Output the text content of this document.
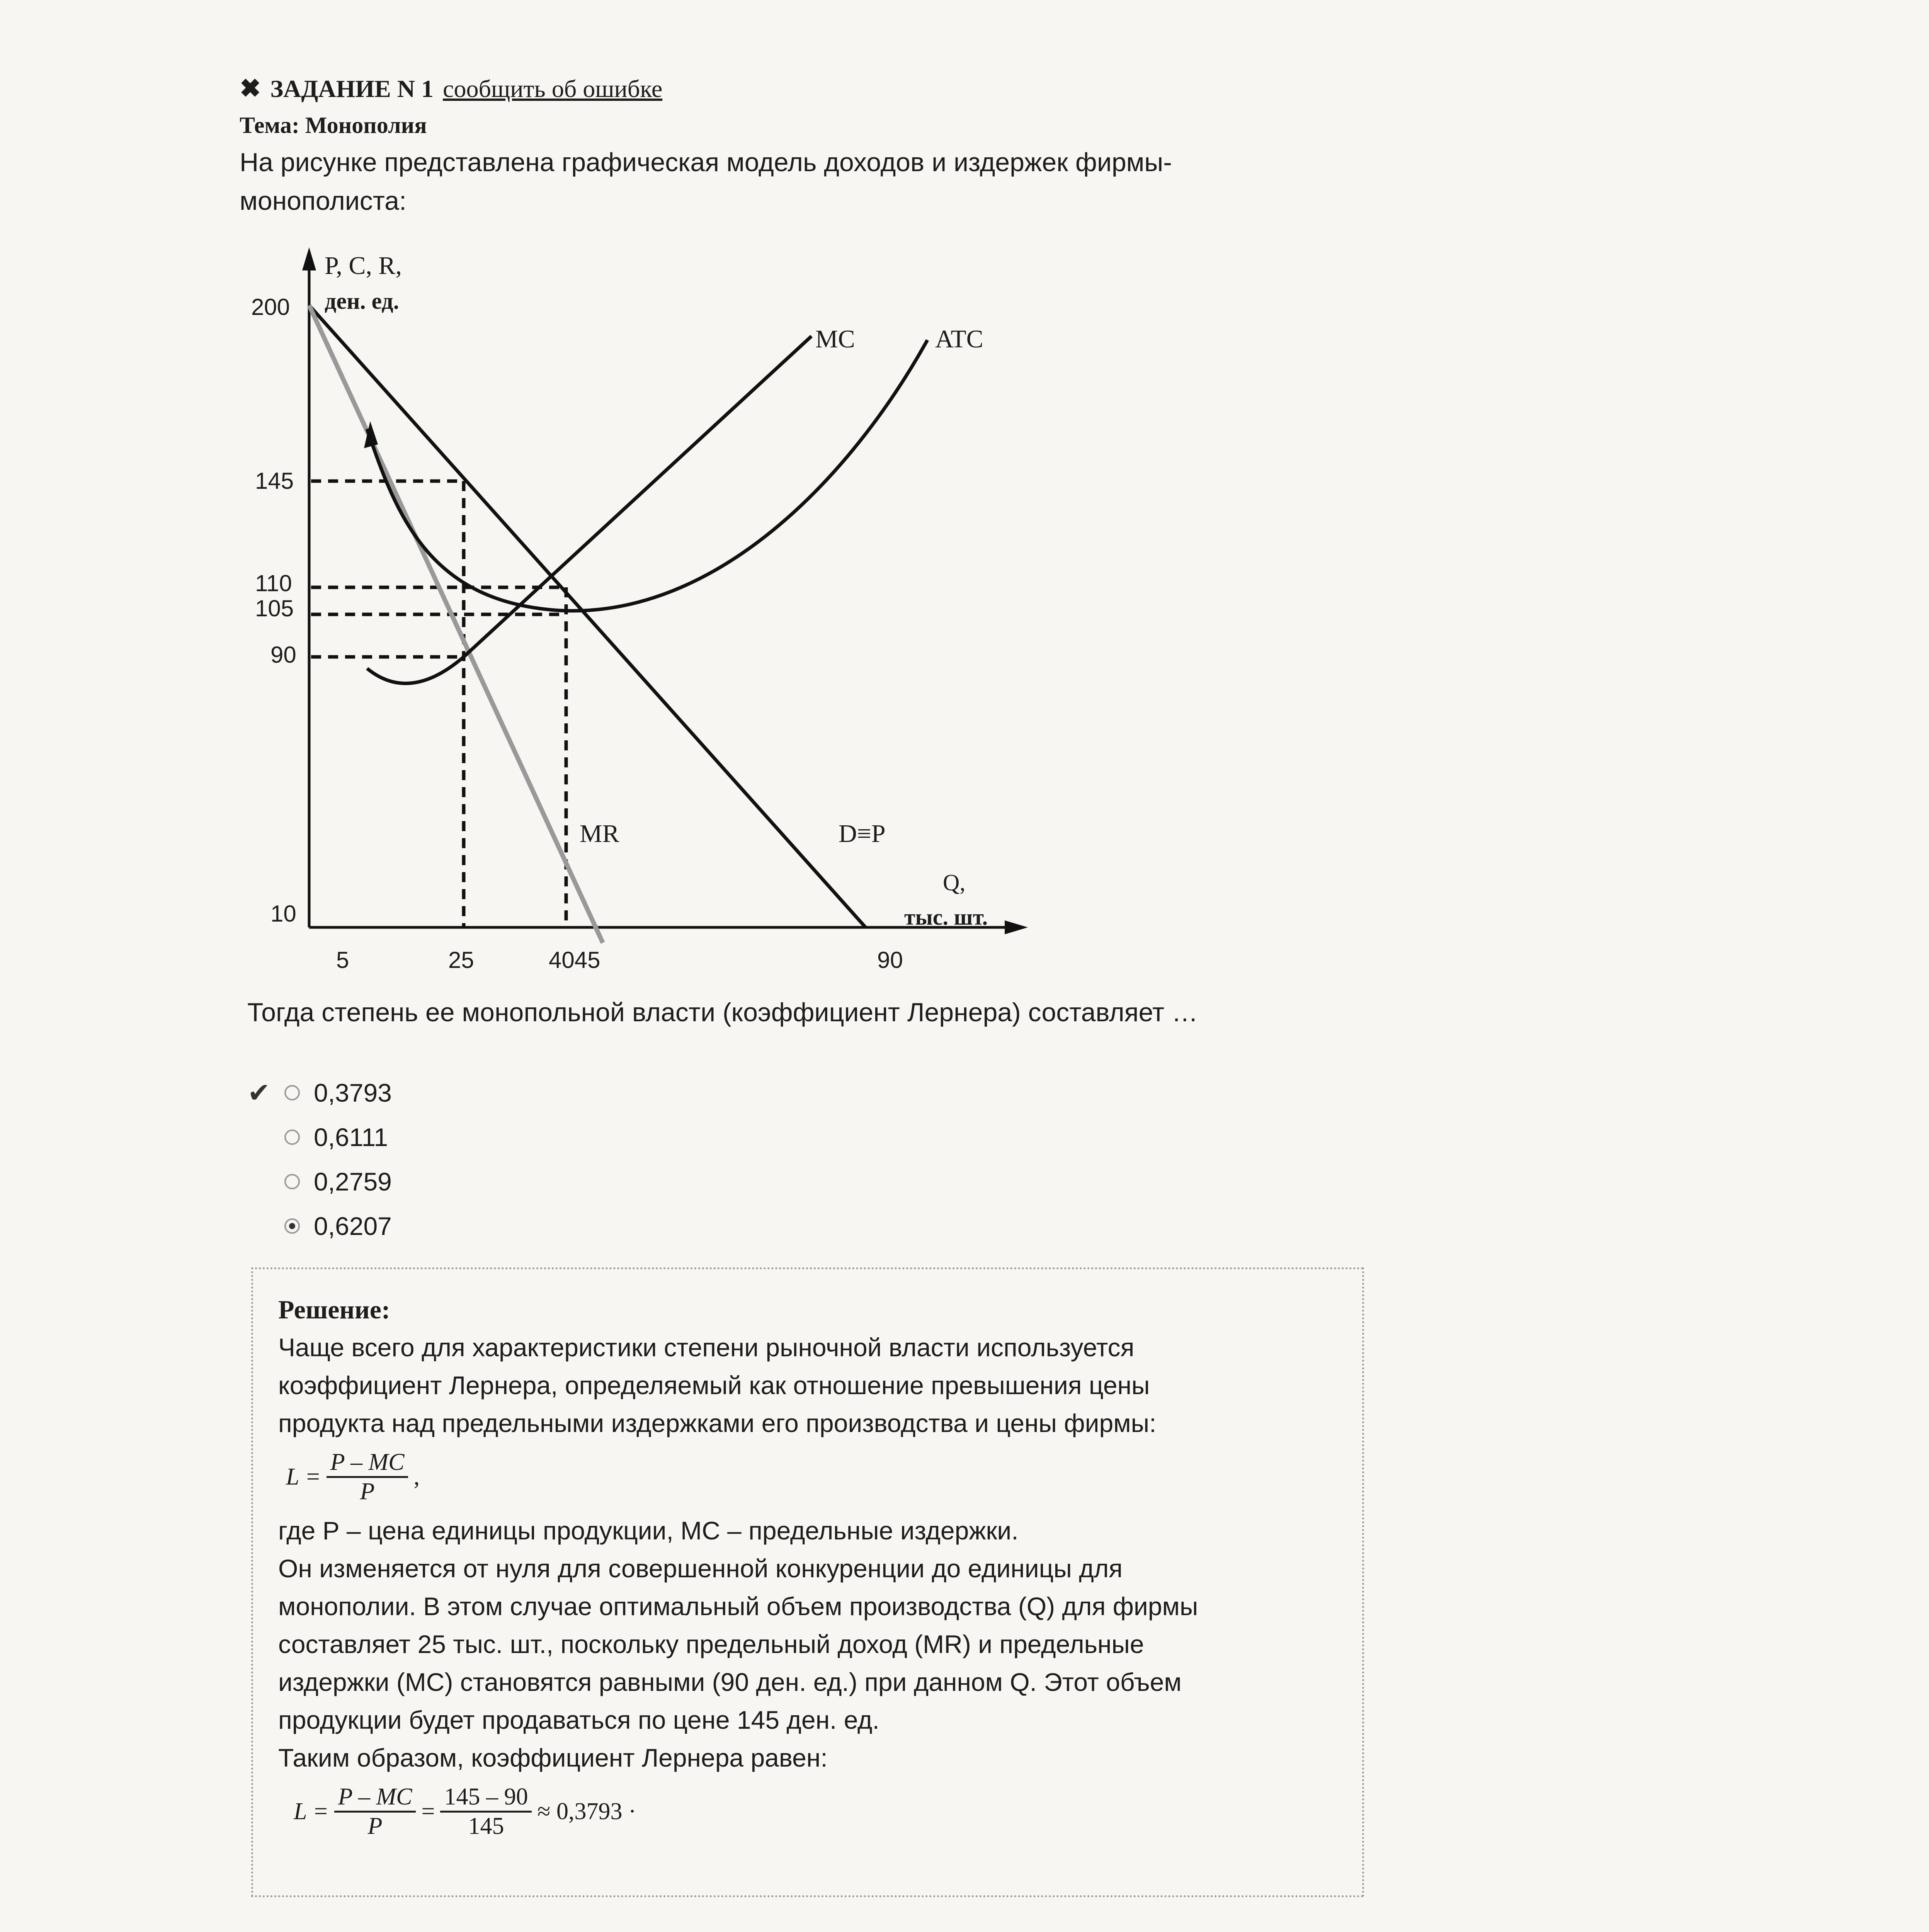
✖ ЗАДАНИЕ N 1 сообщить об ошибке
Тема: Монополия
На рисунке представлена графическая модель доходов и издержек фирмы-
монополиста:
P, C, R,
ден. ед.
200
145
110
105
90
10
5	25	4045	90
Q,
тыс. шт.
MC	ATC
MR	D≡P
Тогда степень ее монопольной власти (коэффициент Лернера) составляет …
✔ 0,3793
0,6111
0,2759
0,6207
Решение:
Чаще всего для характеристики степени рыночной власти используется
коэффициент Лернера, определяемый как отношение превышения цены
продукта над предельными издержками его производства и цены фирмы:
$L = \frac{P - MC}{P}$ ,
где Р – цена единицы продукции, МС – предельные издержки.
Он изменяется от нуля для совершенной конкуренции до единицы для
монополии. В этом случае оптимальный объем производства (Q) для фирмы
составляет 25 тыс. шт., поскольку предельный доход (MR) и предельные
издержки (MC) становятся равными (90 ден. ед.) при данном Q. Этот объем
продукции будет продаваться по цене 145 ден. ед.
Таким образом, коэффициент Лернера равен:
$L = \frac{P - MC}{P} = \frac{145 - 90}{145} \approx 0,3793$ ·
